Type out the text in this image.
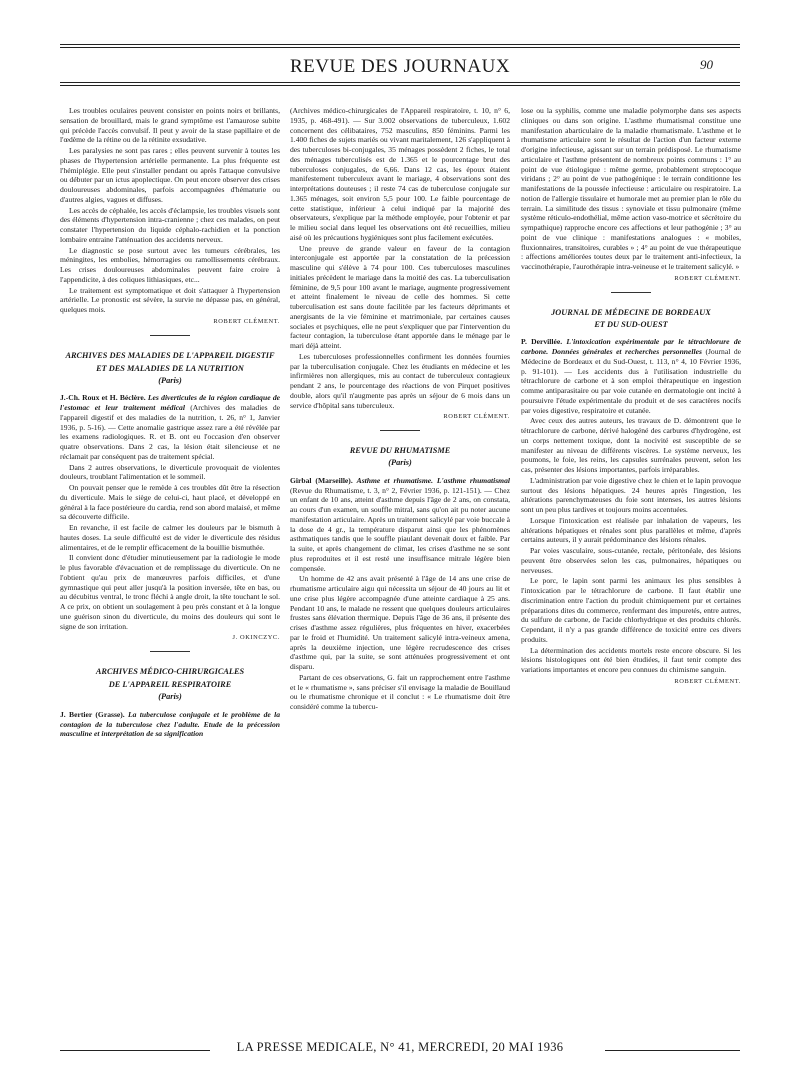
REVUE DES JOURNAUX	90

Les troubles oculaires peuvent consister en points noirs et brillants, sensation de brouillard, mais le grand symptôme est l'amaurose subite qui précède l'accès convulsif. Il peut y avoir de la stase papillaire et de l'œdème de la rétine ou de la rétinite exsudative.

Les paralysies ne sont pas rares ; elles peuvent survenir à toutes les phases de l'hypertension artérielle permanente. La plus fréquente est l'hémiplégie. Elle peut s'installer pendant ou après l'attaque convulsive ou débuter par un ictus apoplectique. On peut encore observer des crises douloureuses abdominales, parfois accompagnées d'hématurie ou d'autres algies, vagues et diffuses.

Les accès de céphalée, les accès d'éclampsie, les troubles visuels sont des éléments d'hypertension intra-cranienne ; chez ces malades, on peut constater l'hypertension du liquide céphalo-rachidien et la ponction lombaire entraine l'atténuation des accidents nerveux.

Le diagnostic se pose surtout avec les tumeurs cérébrales, les méningites, les embolies, hémorragies ou ramollissements cérébraux. Les crises douloureuses abdominales peuvent faire croire à l'appendicite, à des coliques lithiasiques, etc...

Le traitement est symptomatique et doit s'attaquer à l'hypertension artérielle. Le pronostic est sévère, la survie ne dépasse pas, en général, quelques mois.

ROBERT CLÉMENT.
ARCHIVES DES MALADIES DE L'APPAREIL DIGESTIF
ET DES MALADIES DE LA NUTRITION
(Paris)

J.-Ch. Roux et H. Béclère. Les diverticules de la région cardiaque de l'estomac et leur traitement médical (Archives des maladies de l'appareil digestif et des maladies de la nutrition, t. 26, n° 1, Janvier 1936, p. 5-16). — Cette anomalie gastrique assez rare a été révélée par les examens radiologiques. R. et B. ont eu l'occasion d'en observer quatre observations. Dans 2 cas, la lésion était silencieuse et ne réclamait par conséquent pas de traitement spécial.

Dans 2 autres observations, le diverticule provoquait de violentes douleurs, troublant l'alimentation et le sommeil.

On pouvait penser que le remède à ces troubles dût être la résection du diverticule. Mais le siège de celui-ci, haut placé, et développé en général à la face postérieure du cardia, rend son abord malaisé, et même sa découverte difficile.

En revanche, il est facile de calmer les douleurs par le bismuth à hautes doses. La seule difficulté est de vider le diverticule des résidus alimentaires, et de le remplir efficacement de la bouillie bismuthée.

Il convient donc d'étudier minutieusement par la radiologie le mode le plus favorable d'évacuation et de remplissage du diverticule. On ne l'obtient qu'au prix de manœuvres parfois difficiles, et d'une gymnastique qui peut aller jusqu'à la position inversée, tête en bas, ou au décubitus ventral, le tronc fléchi à angle droit, la tête touchant le sol. A ce prix, on obtient un soulagement à peu près constant et à la longue une guérison sinon du diverticule, du moins des douleurs qui sont le signe de son irritation.

J. OKINCZYC.
ARCHIVES MÉDICO-CHIRURGICALES
DE L'APPAREIL RESPIRATOIRE
(Paris)

J. Bertier (Grasse). La tuberculose conjugale et le problème de la contagion de la tuberculose chez l'adulte. Etude de la précession masculine et interprétation de sa signification

(Archives médico-chirurgicales de l'Appareil respiratoire, t. 10, n° 6, 1935, p. 468-491). — Sur 3.002 observations de tuberculeux, 1.602 concernent des célibataires, 752 masculins, 850 féminins. Parmi les 1.400 fiches de sujets mariés ou vivant maritalement, 126 s'appliquent à des tuberculoses bi-conjugales, 35 ménages possèdent 2 fiches, le total des ménages tuberculisés est de 1.365 et le pourcentage brut des tuberculoses conjugales, de 6,66. Dans 12 cas, les époux étaient manifestement tuberculeux avant le mariage, 4 observations sont des interprétations douteuses ; il reste 74 cas de tuberculose conjugale sur 1.365 ménages, soit environ 5,5 pour 100. Le faible pourcentage de cette statistique, inférieur à celui indiqué par la majorité des observateurs, s'explique par la méthode employée, pour l'obtenir et par le milieu social dans lequel les observations ont été recueillies, milieu aisé où les précautions hygiéniques sont plus facilement exécutées.

Une preuve de grande valeur en faveur de la contagion interconjugale est apportée par la constatation de la précession masculine qui s'élève à 74 pour 100. Ces tuberculoses masculines initiales précèdent le mariage dans la moitié des cas. La tuberculisation féminine, de 9,5 pour 100 avant le mariage, augmente progressivement et atteint finalement le niveau de celle des hommes. Si cette tuberculisation est sans doute facilitée par les facteurs déprimants et anergisants de la vie féminine et matrimoniale, par certaines causes sociales et psychiques, elle ne peut s'expliquer que par l'intervention du facteur contagion, la tuberculose étant apportée dans le ménage par le mari déjà atteint.

Les tuberculoses professionnelles confirment les données fournies par la tuberculisation conjugale. Chez les étudiants en médecine et les infirmières non allergiques, mis au contact de tuberculeux contagieux pendant 2 ans, le pourcentage des réactions de von Pirquet positives double, alors qu'il n'augmente pas après un séjour de 6 mois dans un service d'hôpital sans tuberculeux.

ROBERT CLÉMENT.
REVUE DU RHUMATISME
(Paris)

Girbal (Marseille). Asthme et rhumatisme. L'asthme rhumatismal (Revue du Rhumatisme, t. 3, n° 2, Février 1936, p. 121-151). — Chez un enfant de 10 ans, atteint d'asthme depuis l'âge de 2 ans, on constata, au cours d'un examen, un souffle mitral, sans qu'on ait pu noter aucune manifestation articulaire. Après un traitement salicylé par voie buccale à la dose de 4 gr., la température disparut ainsi que les phénomènes asthmatiques tandis que le souffle piaulant devenait doux et faible. Par la suite, et après changement de climat, les crises d'asthme ne se sont plus reproduites et il est resté une insuffisance mitrale légère bien compensée.

Un homme de 42 ans avait présenté à l'âge de 14 ans une crise de rhumatisme articulaire aigu qui nécessita un séjour de 40 jours au lit et une crise plus légère accompagnée d'une atteinte cardiaque à 25 ans. Pendant 10 ans, le malade ne ressent que quelques douleurs articulaires frustes sans élévation thermique. Depuis l'âge de 36 ans, il présente des crises d'asthme assez régulières, plus fréquentes en hiver, exacerbées par le froid et l'humidité. Un traitement salicylé intra-veineux amena, après la deuxième injection, une légère recrudescence des crises d'asthme qui, par la suite, se sont atténuées progressivement et ont disparu.

Partant de ces observations, G. fait un rapprochement entre l'asthme et le « rhumatisme », sans préciser s'il envisage la maladie de Bouillaud ou le rhumatisme chronique et il conclut : « Le rhumatisme doit être considéré comme la tubercu-

lose ou la syphilis, comme une maladie polymorphe dans ses aspects cliniques ou dans son origine. L'asthme rhumatismal constitue une manifestation abarticulaire de la maladie rhumatismale. L'asthme et le rhumatisme articulaire sont le résultat de l'action d'un facteur externe d'origine infectieuse, agissant sur un terrain prédisposé. Le rhumatisme articulaire et l'asthme présentent de nombreux points communs : 1° au point de vue étiologique : même germe, probablement streptocoque viridans ; 2° au point de vue pathogénique : le terrain conditionne les manifestations de la poussée infectieuse : articulaire ou respiratoire. La notion de l'allergie tissulaire et humorale met au premier plan le rôle du terrain. La similitude des tissus : synoviale et tissu pulmonaire (même système réticulo-endothélial, même action vaso-motrice et sécrétoire du sympathique) rapproche encore ces affections et leur pathogénie ; 3° au point de vue clinique : manifestations analogues : « mobiles, fluxionnaires, transitoires, curables » ; 4° au point de vue thérapeutique : affections améliorées toutes deux par le traitement anti-infectieux, la vaccinothérapie, l'aurothérapie intra-veineuse et le traitement salicylé. »

ROBERT CLÉMENT.
JOURNAL DE MÉDECINE DE BORDEAUX
ET DU SUD-OUEST

P. Dervillée. L'intoxication expérimentale par le tétrachlorure de carbone. Données générales et recherches personnelles (Journal de Médecine de Bordeaux et du Sud-Ouest, t. 113, n° 4, 10 Février 1936, p. 91-101). — Les accidents dus à l'utilisation industrielle du tétrachlorure de carbone et à son emploi thérapeutique en ingestion comme antiparasitaire ou par voie cutanée en dermatologie ont incité à poursuivre l'étude expérimentale du produit et de ses caractères nocifs par voies digestive, respiratoire et cutanée.

Avec ceux des autres auteurs, les travaux de D. démontrent que le tétrachlorure de carbone, dérivé halogéné des carbures d'hydrogène, est un corps nettement toxique, dont la nocivité est susceptible de se manifester au niveau de différents viscères. Le système nerveux, les poumons, le foie, les reins, les capsules surrénales peuvent, selon les cas, présenter des lésions importantes, parfois irréparables.

L'administration par voie digestive chez le chien et le lapin provoque surtout des lésions hépatiques. 24 heures après l'ingestion, les altérations parenchymateuses du foie sont intenses, les autres lésions sont un peu plus tardives et toujours moins accentuées.

Lorsque l'intoxication est réalisée par inhalation de vapeurs, les altérations hépatiques et rénales sont plus parallèles et même, d'après certains auteurs, il y aurait prédominance des lésions rénales.

Par voies vasculaire, sous-cutanée, rectale, péritonéale, des lésions peuvent être observées selon les cas, pulmonaires, hépatiques ou nerveuses.

Le porc, le lapin sont parmi les animaux les plus sensibles à l'intoxication par le tétrachlorure de carbone. Il faut établir une discrimination entre l'action du produit chimiquement pur et certaines préparations dites du commerce, renfermant des impuretés, entre autres, du sulfure de carbone, de l'acide chlorhydrique et des produits chlorés. Cependant, il n'y a pas grande différence de toxicité entre ces divers produits.

La détermination des accidents mortels reste encore obscure. Si les lésions histologiques ont été bien étudiées, il faut tenir compte des variations importantes et encore peu connues du chimisme sanguin.

ROBERT CLÉMENT.
LA PRESSE MEDICALE, N° 41, MERCREDI, 20 MAI 1936
